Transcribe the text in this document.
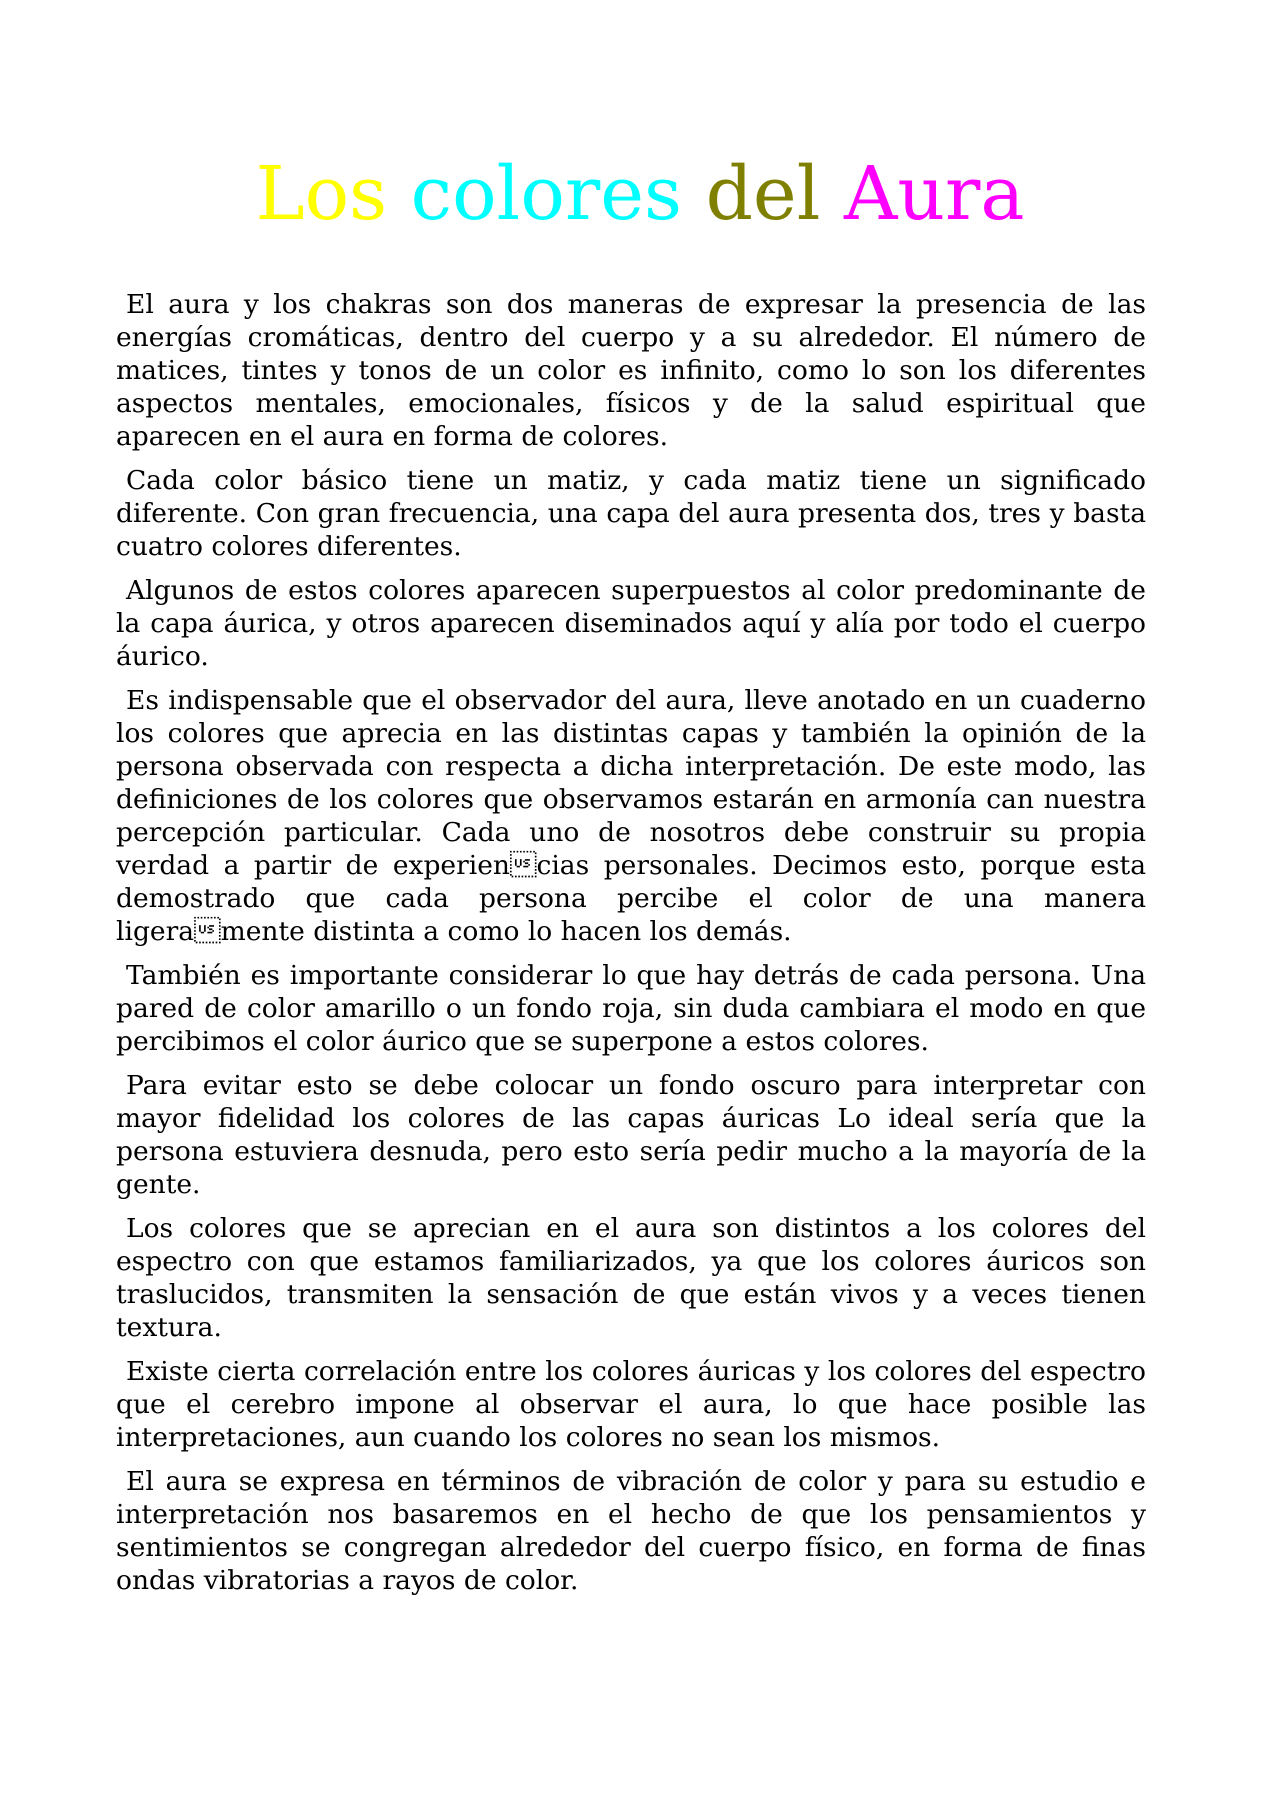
Los colores del Aura

El aura y los chakras son dos maneras de expresar la presencia de las energías cromáticas, dentro del cuerpo y a su alrededor. El número de matices, tintes y tonos de un color es infinito, como lo son los diferentes aspectos mentales, emocionales, físicos y de la salud espiritual que aparecen en el aura en forma de colores.

Cada color básico tiene un matiz, y cada matiz tiene un significado diferente. Con gran frecuencia, una capa del aura presenta dos, tres y basta cuatro colores diferentes.

Algunos de estos colores aparecen superpuestos al color predominante de la capa áurica, y otros aparecen diseminados aquí y alía por todo el cuerpo áurico.

Es indispensable que el observador del aura, lleve anotado en un cuaderno los colores que aprecia en las distintas capas y también la opinión de la persona observada con respecta a dicha interpretación. De este modo, las definiciones de los colores que observamos estarán en armonía can nuestra percepción particular. Cada uno de nosotros debe construir su propia verdad a partir de experiencias personales. Decimos esto, porque esta demostrado que cada persona percibe el color de una manera ligeramente distinta a como lo hacen los demás.

También es importante considerar lo que hay detrás de cada persona. Una pared de color amarillo o un fondo roja, sin duda cambiara el modo en que percibimos el color áurico que se superpone a estos colores.

Para evitar esto se debe colocar un fondo oscuro para interpretar con mayor fidelidad los colores de las capas áuricas Lo ideal sería que la persona estuviera desnuda, pero esto sería pedir mucho a la mayoría de la gente.

Los colores que se aprecian en el aura son distintos a los colores del espectro con que estamos familiarizados, ya que los colores áuricos son traslucidos, transmiten la sensación de que están vivos y a veces tienen textura.

Existe cierta correlación entre los colores áuricas y los colores del espectro que el cerebro impone al observar el aura, lo que hace posible las interpretaciones, aun cuando los colores no sean los mismos.

El aura se expresa en términos de vibración de color y para su estudio e interpretación nos basaremos en el hecho de que los pensamientos y sentimientos se congregan alrededor del cuerpo físico, en forma de finas ondas vibratorias a rayos de color.
